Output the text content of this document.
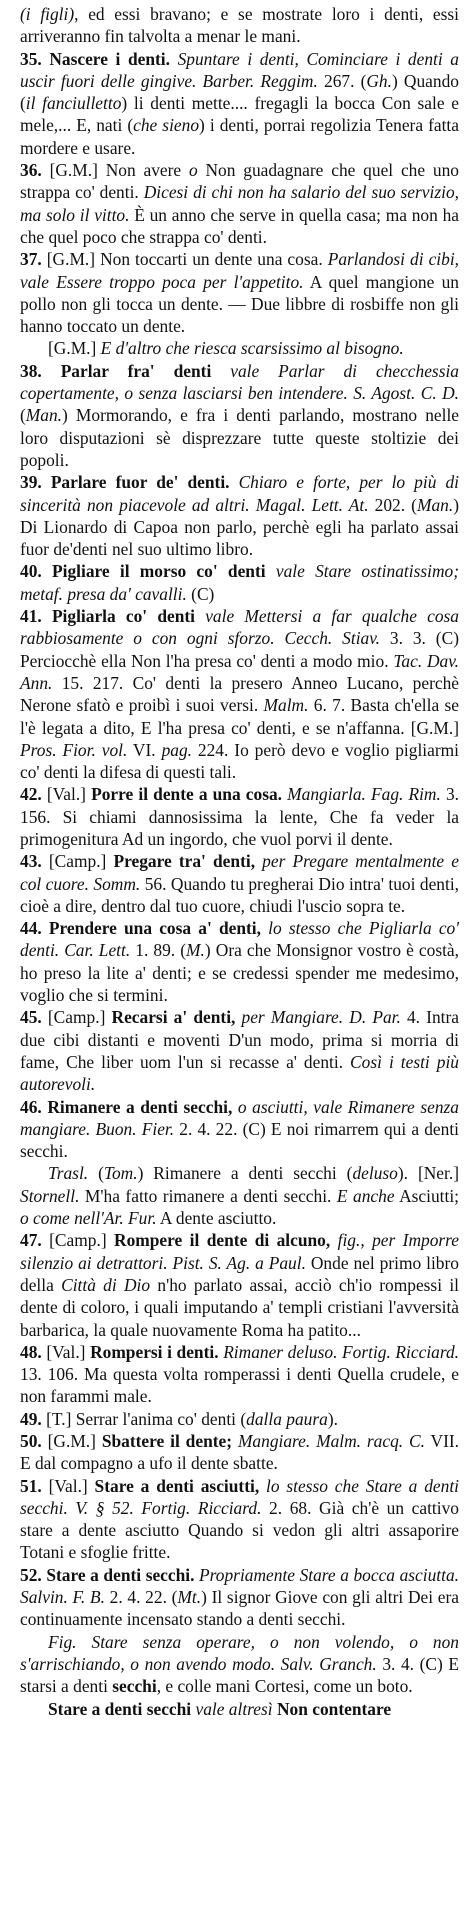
(i figli), ed essi bravano; e se mostrate loro i denti, essi arriveranno fin talvolta a menar le mani.

35. Nascere i denti. Spuntare i denti, Cominciare i denti a uscir fuori delle gingive. Barber. Reggim. 267. (Gh.) Quando (il fanciulletto) li denti mette.... fregagli la bocca Con sale e mele,... E, nati (che sieno) i denti, porrai regolizia Tenera fatta mordere e usare.

36. [G.M.] Non avere o Non guadagnare che quel che uno strappa co' denti. Dicesi di chi non ha salario del suo servizio, ma solo il vitto. È un anno che serve in quella casa; ma non ha che quel poco che strappa co' denti.

37. [G.M.] Non toccarti un dente una cosa. Parlandosi di cibi, vale Essere troppo poca per l'appetito. A quel mangione un pollo non gli tocca un dente. — Due libbre di rosbiffe non gli hanno toccato un dente.

[G.M.] E d'altro che riesca scarsissimo al bisogno.

38. Parlar fra' denti vale Parlar di checchessia copertamente, o senza lasciarsi ben intendere. S. Agost. C. D. (Man.) Mormorando, e fra i denti parlando, mostrano nelle loro disputazioni sè disprezzare tutte queste stoltizie dei popoli.

39. Parlare fuor de' denti. Chiaro e forte, per lo più di sincerità non piacevole ad altri. Magal. Lett. At. 202. (Man.) Di Lionardo di Capoa non parlo, perchè egli ha parlato assai fuor de'denti nel suo ultimo libro.

40. Pigliare il morso co' denti vale Stare ostinatissimo; metaf. presa da' cavalli. (C)

41. Pigliarla co' denti vale Mettersi a far qualche cosa rabbiosamente o con ogni sforzo. Cecch. Stiav. 3. 3. (C) Perciocchè ella Non l'ha presa co' denti a modo mio. Tac. Dav. Ann. 15. 217. Co' denti la presero Anneo Lucano, perchè Nerone sfatò e proibì i suoi versi. Malm. 6. 7. Basta ch'ella se l'è legata a dito, E l'ha presa co' denti, e se n'affanna. [G.M.] Pros. Fior. vol. VI. pag. 224. Io però devo e voglio pigliarmi co' denti la difesa di questi tali.

42. [Val.] Porre il dente a una cosa. Mangiarla. Fag. Rim. 3. 156. Si chiami dannosissima la lente, Che fa veder la primogenitura Ad un ingordo, che vuol porvi il dente.

43. [Camp.] Pregare tra' denti, per Pregare mentalmente e col cuore. Somm. 56. Quando tu pregherai Dio intra' tuoi denti, cioè a dire, dentro dal tuo cuore, chiudi l'uscio sopra te.

44. Prendere una cosa a' denti, lo stesso che Pigliarla co' denti. Car. Lett. 1. 89. (M.) Ora che Monsignor vostro è costà, ho preso la lite a' denti; e se credessi spender me medesimo, voglio che si termini.

45. [Camp.] Recarsi a' denti, per Mangiare. D. Par. 4. Intra due cibi distanti e moventi D'un modo, prima si morria di fame, Che liber uom l'un si recasse a' denti. Così i testi più autorevoli.

46. Rimanere a denti secchi, o asciutti, vale Rimanere senza mangiare. Buon. Fier. 2. 4. 22. (C) E noi rimarrem qui a denti secchi.

Trasl. (Tom.) Rimanere a denti secchi (deluso). [Ner.] Stornell. M'ha fatto rimanere a denti secchi. E anche Asciutti; o come nell'Ar. Fur. A dente asciutto.

47. [Camp.] Rompere il dente di alcuno, fig., per Imporre silenzio ai detrattori. Pist. S. Ag. a Paul. Onde nel primo libro della Città di Dio n'ho parlato assai, acciò ch'io rompessi il dente di coloro, i quali imputando a' templi cristiani l'avversità barbarica, la quale nuovamente Roma ha patito...

48. [Val.] Rompersi i denti. Rimaner deluso. Fortig. Ricciard. 13. 106. Ma questa volta romperassi i denti Quella crudele, e non farammi male.

49. [T.] Serrar l'anima co' denti (dalla paura).

50. [G.M.] Sbattere il dente; Mangiare. Malm. racq. C. VII. E dal compagno a ufo il dente sbatte.

51. [Val.] Stare a denti asciutti, lo stesso che Stare a denti secchi. V. § 52. Fortig. Ricciard. 2. 68. Già ch'è un cattivo stare a dente asciutto Quando si vedon gli altri assaporire Totani e sfoglie fritte.

52. Stare a denti secchi. Propriamente Stare a bocca asciutta. Salvin. F. B. 2. 4. 22. (Mt.) Il signor Giove con gli altri Dei era continuamente incensato stando a denti secchi.

Fig. Stare senza operare, o non volendo, o non s'arrischiando, o non avendo modo. Salv. Granch. 3. 4. (C) E starsi a denti secchi, e colle mani Cortesi, come un boto.

Stare a denti secchi vale altresì Non contentare
